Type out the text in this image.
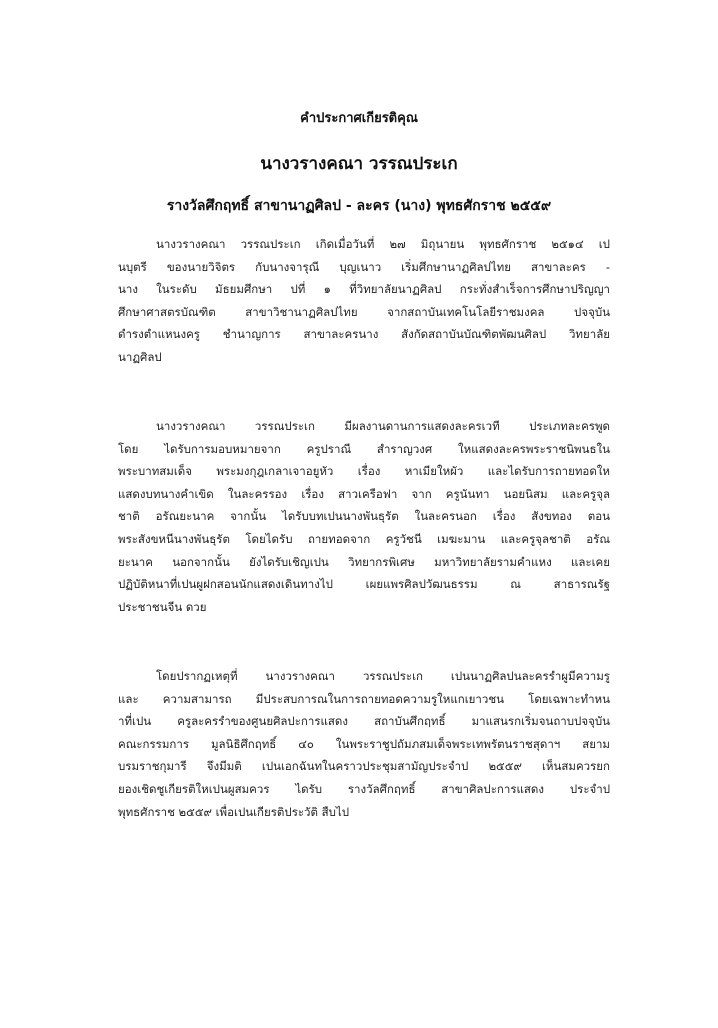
คำประกาศเกียรติคุณ
นางวรางคณา วรรณประเก
รางวัลศึกฤทธิ์ สาขานาฏศิลป - ละคร (นาง) พุทธศักราช ๒๕๕๙
นางวรางคณา วรรณประเก เกิดเมื่อวันที่ ๒๗ มิถุนายน พุทธศักราช ๒๕๑๔ เป
นบุตรี ของนายวิจิตร กับนางจารุณี บุญเนาว เริ่มศึกษานาฏศิลปไทย สาขาละคร -
นาง ในระดับ มัธยมศึกษา ปที่ ๑ ที่วิทยาลัยนาฏศิลป กระทั่งสำเร็จการศึกษาปริญญา
ศึกษาศาสตรบัณฑิต สาขาวิชานาฏศิลปไทย จากสถาบันเทคโนโลยีราชมงคล ปจจุบัน
ดำรงตำแหนงครู ชำนาญการ สาขาละครนาง สังกัดสถาบันบัณฑิตพัฒนศิลป วิทยาลัย
นาฏศิลป
นางวรางคณา วรรณประเก มีผลงานดานการแสดงละครเวที ประเภทละครพูด
โดย ไดรับการมอบหมายจาก ครูปราณี สำราญวงศ ใหแสดงละครพระราชนิพนธใน
พระบาทสมเด็จ พระมงกุฎเกลาเจาอยูหัว เรื่อง หาเมียใหผัว และไดรับการถายทอดให
แสดงบทนางคำเขิด ในละครรอง เรื่อง สาวเครือฟา จาก ครูนันทา นอยนิสม และครูจุล
ชาติ อรัณยะนาค จากนั้น ไดรับบทเปนนางพันธุรัต ในละครนอก เรื่อง สังขทอง ตอน
พระสังขหนีนางพันธุรัต โดยไดรับ ถายทอดจาก ครูวัชนี เมฆะมาน และครูจุลชาติ อรัณ
ยะนาค นอกจากนั้น ยังไดรับเชิญเปน วิทยากรพิเศษ มหาวิทยาลัยรามคำแหง และเคย
ปฏิบัติหนาที่เปนผูฝกสอนนักแสดงเดินทางไป เผยแพรศิลปวัฒนธรรม ณ สาธารณรัฐ
ประชาชนจีน ดวย
โดยปรากฏเหตุที่ นางวรางคณา วรรณประเก เปนนาฏศิลปนละครรำผูมีความรู
และ ความสามารถ มีประสบการณในการถายทอดความรูใหแกเยาวชน โดยเฉพาะทำหน
าที่เปน ครูละครรำของศูนยศิลปะการแสดง สถาบันศึกฤทธิ์ มาแสนรกเริ่มจนถาบปจจุบัน
คณะกรรมการ มูลนิธิศึกฤทธิ์ ๔๐ ในพระราชูปถัมภสมเด็จพระเทพรัตนราชสุดาฯ สยาม
บรมราชกุมารี จึงมีมติ เปนเอกฉันทในคราวประชุมสามัญประจำป ๒๕๕๙ เห็นสมควรยก
ยองเชิดชูเกียรติใหเปนผูสมควร ไดรับ รางวัลศึกฤทธิ์ สาขาศิลปะการแสดง ประจำป
พุทธศักราช ๒๕๕๙ เพื่อเปนเกียรติประวัติ สืบไป
